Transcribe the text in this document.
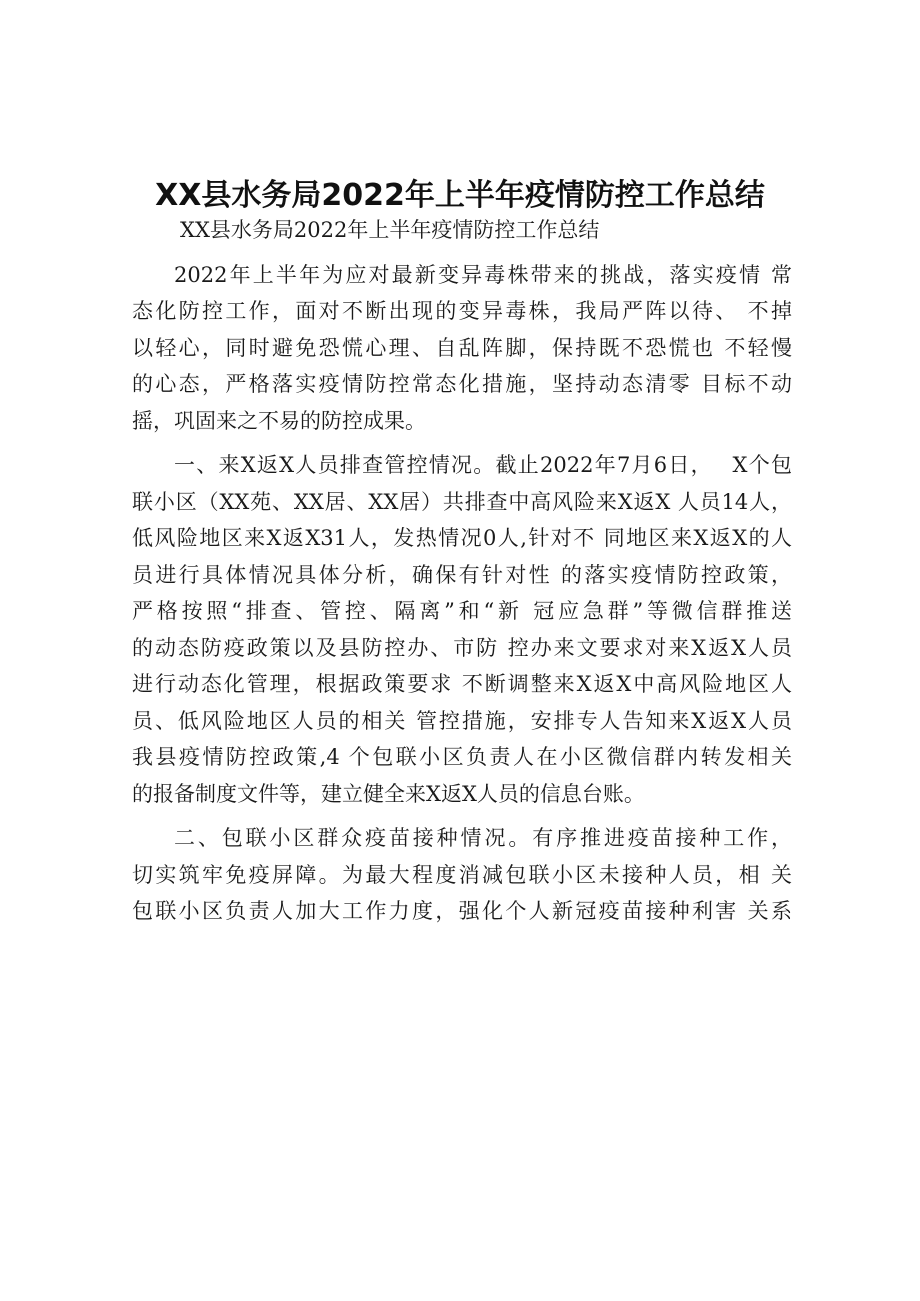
XX县水务局2022年上半年疫情防控工作总结
XX县水务局2022年上半年疫情防控工作总结
2022年上半年为应对最新变异毒株带来的挑战，落实疫情 常
态化防控工作，面对不断出现的变异毒株，我局严阵以待、 不掉
以轻心，同时避免恐慌心理、自乱阵脚，保持既不恐慌也 不轻慢
的心态，严格落实疫情防控常态化措施，坚持动态清零 目标不动
摇，巩固来之不易的防控成果。
一、来X返X人员排查管控情况。截止2022年7月6日，　 X个包
联小区（XX苑、XX居、XX居）共排查中高风险来X返X 人员14人，
低风险地区来X返X31人，发热情况0人,针对不 同地区来X返X的人
员进行具体情况具体分析，确保有针对性 的落实疫情防控政策，
严格按照“排查、管控、隔离”和“新 冠应急群”等微信群推送
的动态防疫政策以及县防控办、市防 控办来文要求对来X返X人员
进行动态化管理，根据政策要求 不断调整来X返X中高风险地区人
员、低风险地区人员的相关 管控措施，安排专人告知来X返X人员
我县疫情防控政策,4 个包联小区负责人在小区微信群内转发相关
的报备制度文件等，建立健全来X返X人员的信息台账。
二、包联小区群众疫苗接种情况。有序推进疫苗接种工作，
切实筑牢免疫屏障。为最大程度消减包联小区未接种人员，相 关
包联小区负责人加大工作力度，强化个人新冠疫苗接种利害 关系
